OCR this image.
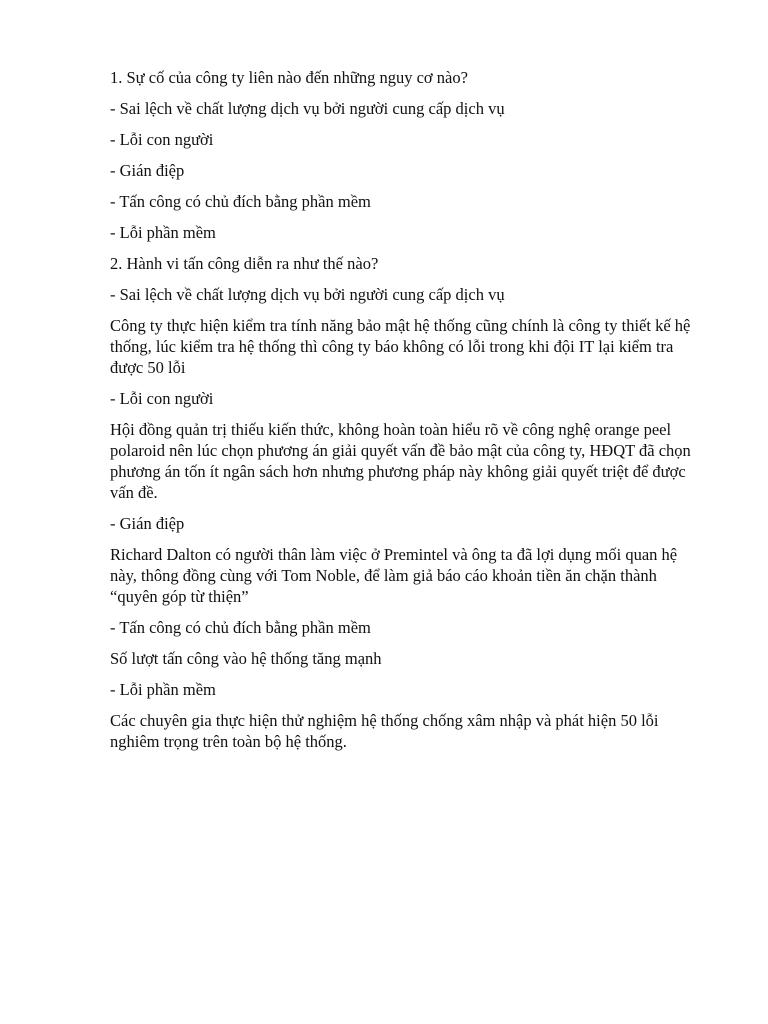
1. Sự cố của công ty liên nào đến những nguy cơ nào?

- Sai lệch về chất lượng dịch vụ bởi người cung cấp dịch vụ

- Lỗi con người

- Gián điệp

- Tấn công có chủ đích bằng phần mềm

- Lỗi phần mềm

2. Hành vi tấn công diễn ra như thế nào?

- Sai lệch về chất lượng dịch vụ bởi người cung cấp dịch vụ

Công ty thực hiện kiểm tra tính năng bảo mật hệ thống cũng chính là công ty thiết kế hệ thống, lúc kiểm tra hệ thống thì công ty báo không có lỗi trong khi đội IT lại kiểm tra được 50 lỗi

- Lỗi con người

Hội đồng quản trị thiếu kiến thức, không hoàn toàn hiểu rõ về công nghệ orange peel polaroid nên lúc chọn phương án giải quyết vấn đề bảo mật của công ty, HĐQT đã chọn phương án tốn ít ngân sách hơn nhưng phương pháp này không giải quyết triệt để được vấn đề.

- Gián điệp

Richard Dalton có người thân làm việc ở Premintel và ông ta đã lợi dụng mối quan hệ này, thông đồng cùng với Tom Noble, để làm giả báo cáo khoản tiền ăn chặn thành “quyên góp từ thiện”

- Tấn công có chủ đích bằng phần mềm

Số lượt tấn công vào hệ thống tăng mạnh

- Lỗi phần mềm

Các chuyên gia thực hiện thử nghiệm hệ thống chống xâm nhập và phát hiện 50 lỗi nghiêm trọng trên toàn bộ hệ thống.
